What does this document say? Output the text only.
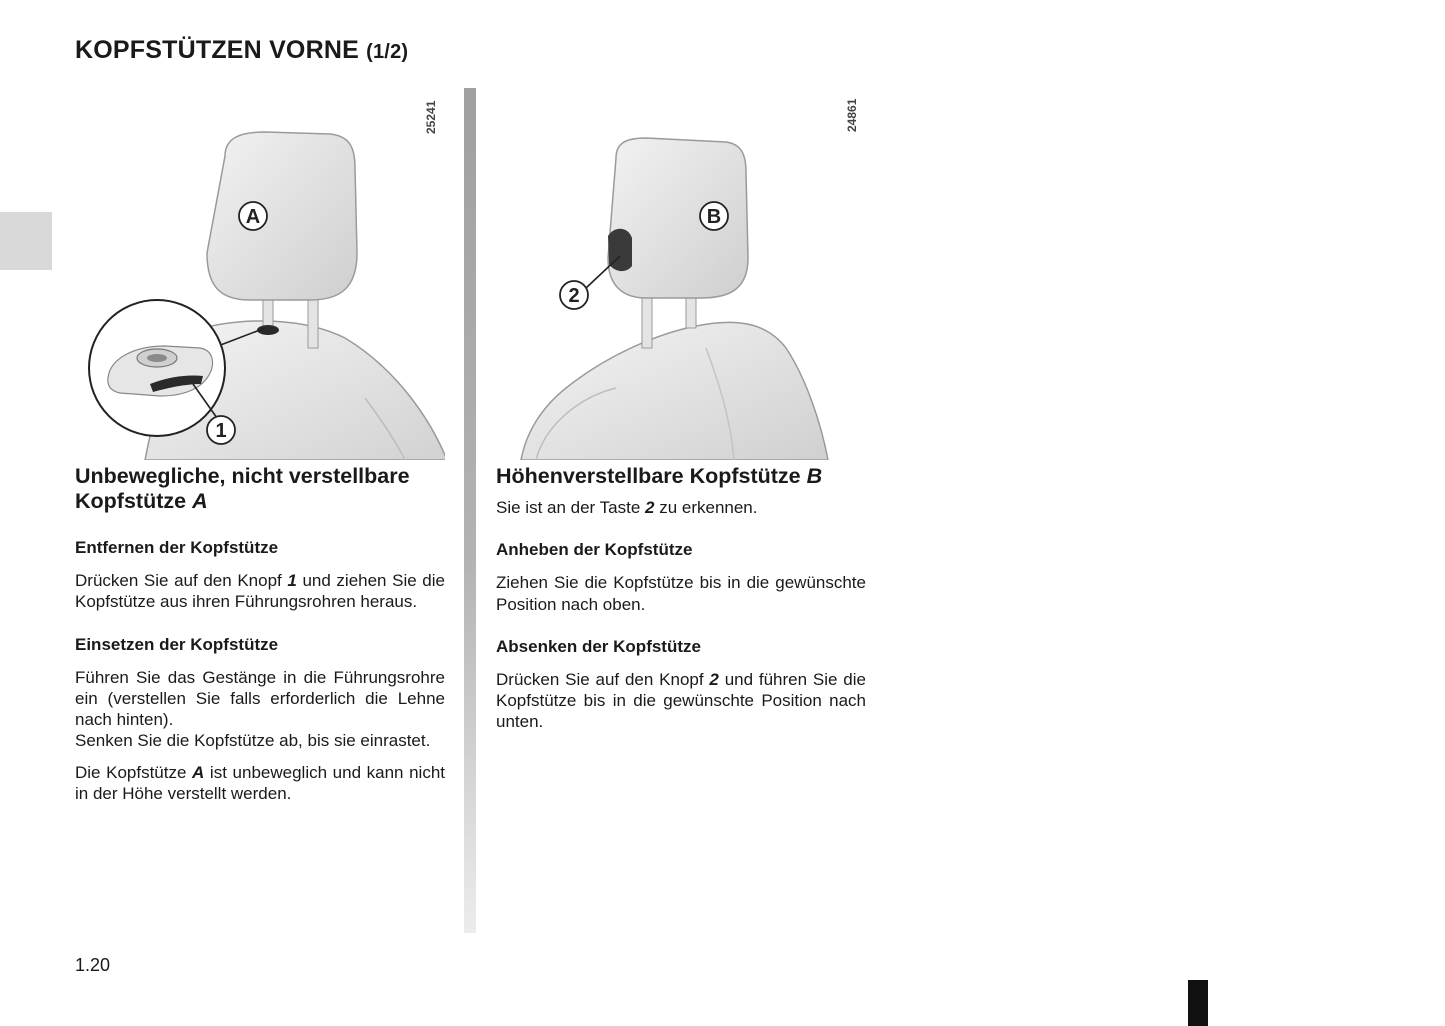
KOPFSTÜTZEN VORNE (1/2)
A
1
25241
B
2
24861
Unbewegliche, nicht verstellbare
Kopfstütze A
Entfernen der Kopfstütze

Drücken Sie auf den Knopf 1 und ziehen Sie die Kopfstütze aus ihren Führungsrohren heraus.

Einsetzen der Kopfstütze

Führen Sie das Gestänge in die Führungsrohre ein (verstellen Sie falls erforderlich die Lehne nach hinten).

Senken Sie die Kopfstütze ab, bis sie einrastet.

Die Kopfstütze A ist unbeweglich und kann nicht in der Höhe verstellt werden.

Höhenverstellbare Kopfstütze B

Sie ist an der Taste 2 zu erkennen.

Anheben der Kopfstütze

Ziehen Sie die Kopfstütze bis in die gewünschte Position nach oben.

Absenken der Kopfstütze

Drücken Sie auf den Knopf 2 und führen Sie die Kopfstütze bis in die gewünschte Position nach unten.

1.20
